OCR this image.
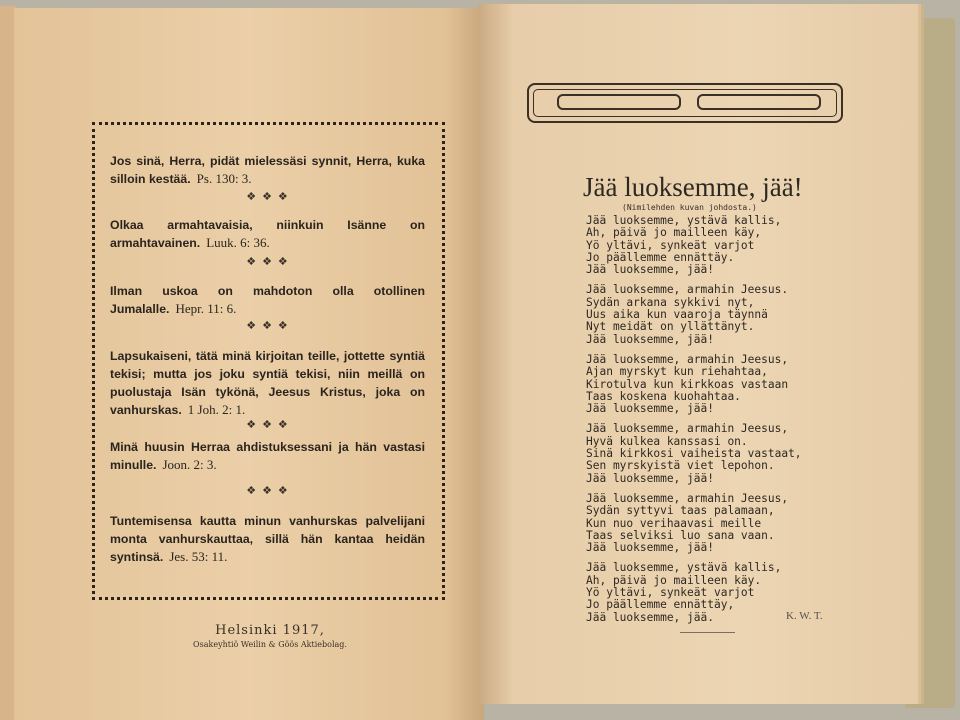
Jos sinä, Herra, pidät mielessäsi synnit, Herra, kuka silloin kestää. Ps. 130: 3.
❖❖❖
Olkaa armahtavaisia, niinkuin Isänne on armahtavainen. Luuk. 6: 36.
❖❖❖
Ilman uskoa on mahdoton olla otollinen Jumalalle. Hepr. 11: 6.
❖❖❖
Lapsukaiseni, tätä minä kirjoitan teille, jottette syntiä tekisi; mutta jos joku syntiä tekisi, niin meillä on puolustaja Isän tykönä, Jeesus Kristus, joka on vanhurskas. 1 Joh. 2: 1.
❖❖❖
Minä huusin Herraa ahdistuksessani ja hän vastasi minulle. Joon. 2: 3.
❖❖❖
Tuntemisensa kautta minun vanhurskas palvelijani monta vanhurskauttaa, sillä hän kantaa heidän syntinsä. Jes. 53: 11.
Helsinki 1917,
Osakeyhtiö Weilin & Göös Aktiebolag.
Jää luoksemme, jää!
(Nimilehden kuvan johdosta.)
Jää luoksemme, ystävä kallis,
Ah, päivä jo mailleen käy,
Yö yltävi, synkeät varjot
Jo päällemme ennättäy.
Jää luoksemme, jää!
Jää luoksemme, armahin Jeesus.
Sydän arkana sykkivi nyt,
Uus aika kun vaaroja täynnä
Nyt meidät on yllättänyt.
Jää luoksemme, jää!
Jää luoksemme, armahin Jeesus,
Ajan myrskyt kun riehahtaa,
Kirotulva kun kirkkoas vastaan
Taas koskena kuohahtaa.
Jää luoksemme, jää!
Jää luoksemme, armahin Jeesus,
Hyvä kulkea kanssasi on.
Sinä kirkkosi vaiheista vastaat,
Sen myrskyistä viet lepohon.
Jää luoksemme, jää!
Jää luoksemme, armahin Jeesus,
Sydän syttyvi taas palamaan,
Kun nuo verihaavasi meille
Taas selviksi luo sana vaan.
Jää luoksemme, jää!
Jää luoksemme, ystävä kallis,
Ah, päivä jo mailleen käy.
Yö yltävi, synkeät varjot
Jo päällemme ennättäy,
Jää luoksemme, jää.	K. W. T.
